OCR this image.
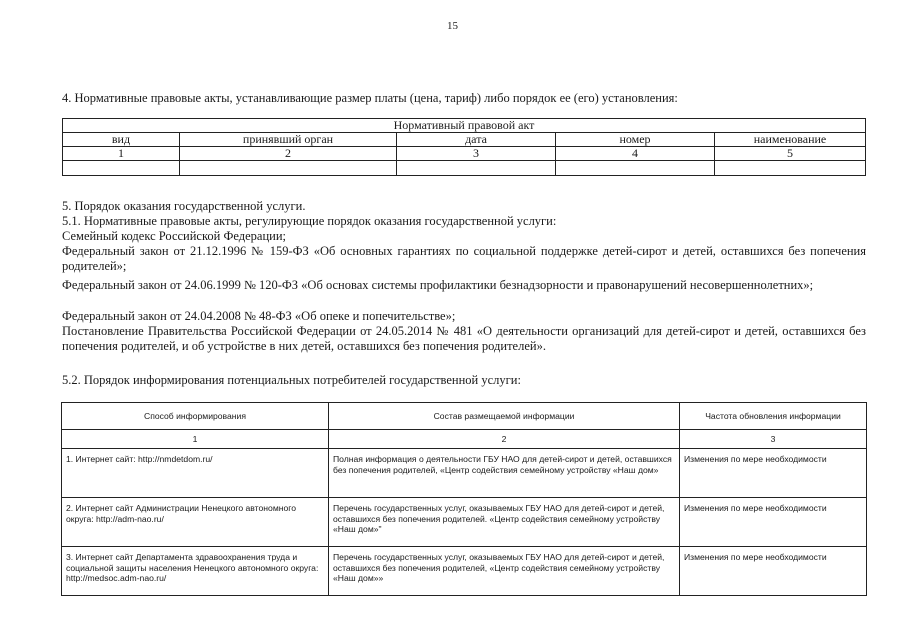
15
4. Нормативные правовые акты, устанавливающие размер платы (цена, тариф) либо порядок ее (его) установления:
Нормативный правовой акт				
вид	принявший орган	дата	номер	наименование
1	2	3	4	5

5. Порядок оказания государственной услуги.
5.1. Нормативные правовые акты, регулирующие порядок оказания государственной услуги:
Семейный кодекс Российской Федерации;
Федеральный закон от 21.12.1996 № 159-ФЗ «Об основных гарантиях по социальной поддержке детей-сирот и детей, оставшихся без попечения родителей»;
Федеральный закон от 24.06.1999 № 120-ФЗ «Об основах системы профилактики безнадзорности и правонарушений несовершеннолетних»;
Федеральный закон от 24.04.2008 № 48-ФЗ «Об опеке и попечительстве»;
Постановление Правительства Российской Федерации от 24.05.2014 № 481 «О деятельности организаций для детей-сирот и детей, оставшихся без попечения родителей, и об устройстве в них детей, оставшихся без попечения родителей».
5.2. Порядок информирования потенциальных потребителей государственной услуги:
Способ информирования	Состав размещаемой информации	Частота обновления информации
1	2	3
1. Интернет сайт: http://nmdetdom.ru/	Полная информация о деятельности ГБУ НАО для детей-сирот и детей, оставшихся без попечения родителей, «Центр содействия семейному устройству «Наш дом»	Изменения по мере необходимости
2. Интернет сайт Администрации Ненецкого автономного округа: http://adm-nao.ru/	Перечень государственных услуг, оказываемых ГБУ НАО для детей-сирот и детей, оставшихся без попечения родителей. «Центр содействия семейному устройству «Наш дом»"	Изменения по мере необходимости
3. Интернет сайт Департамента здравоохранения труда и социальной защиты населения Ненецкого автономного округа: http://medsoc.adm-nao.ru/	Перечень государственных услуг, оказываемых ГБУ НАО для детей-сирот и детей, оставшихся без попечения родителей, «Центр содействия семейному устройству «Наш дом»»	Изменения по мере необходимости
